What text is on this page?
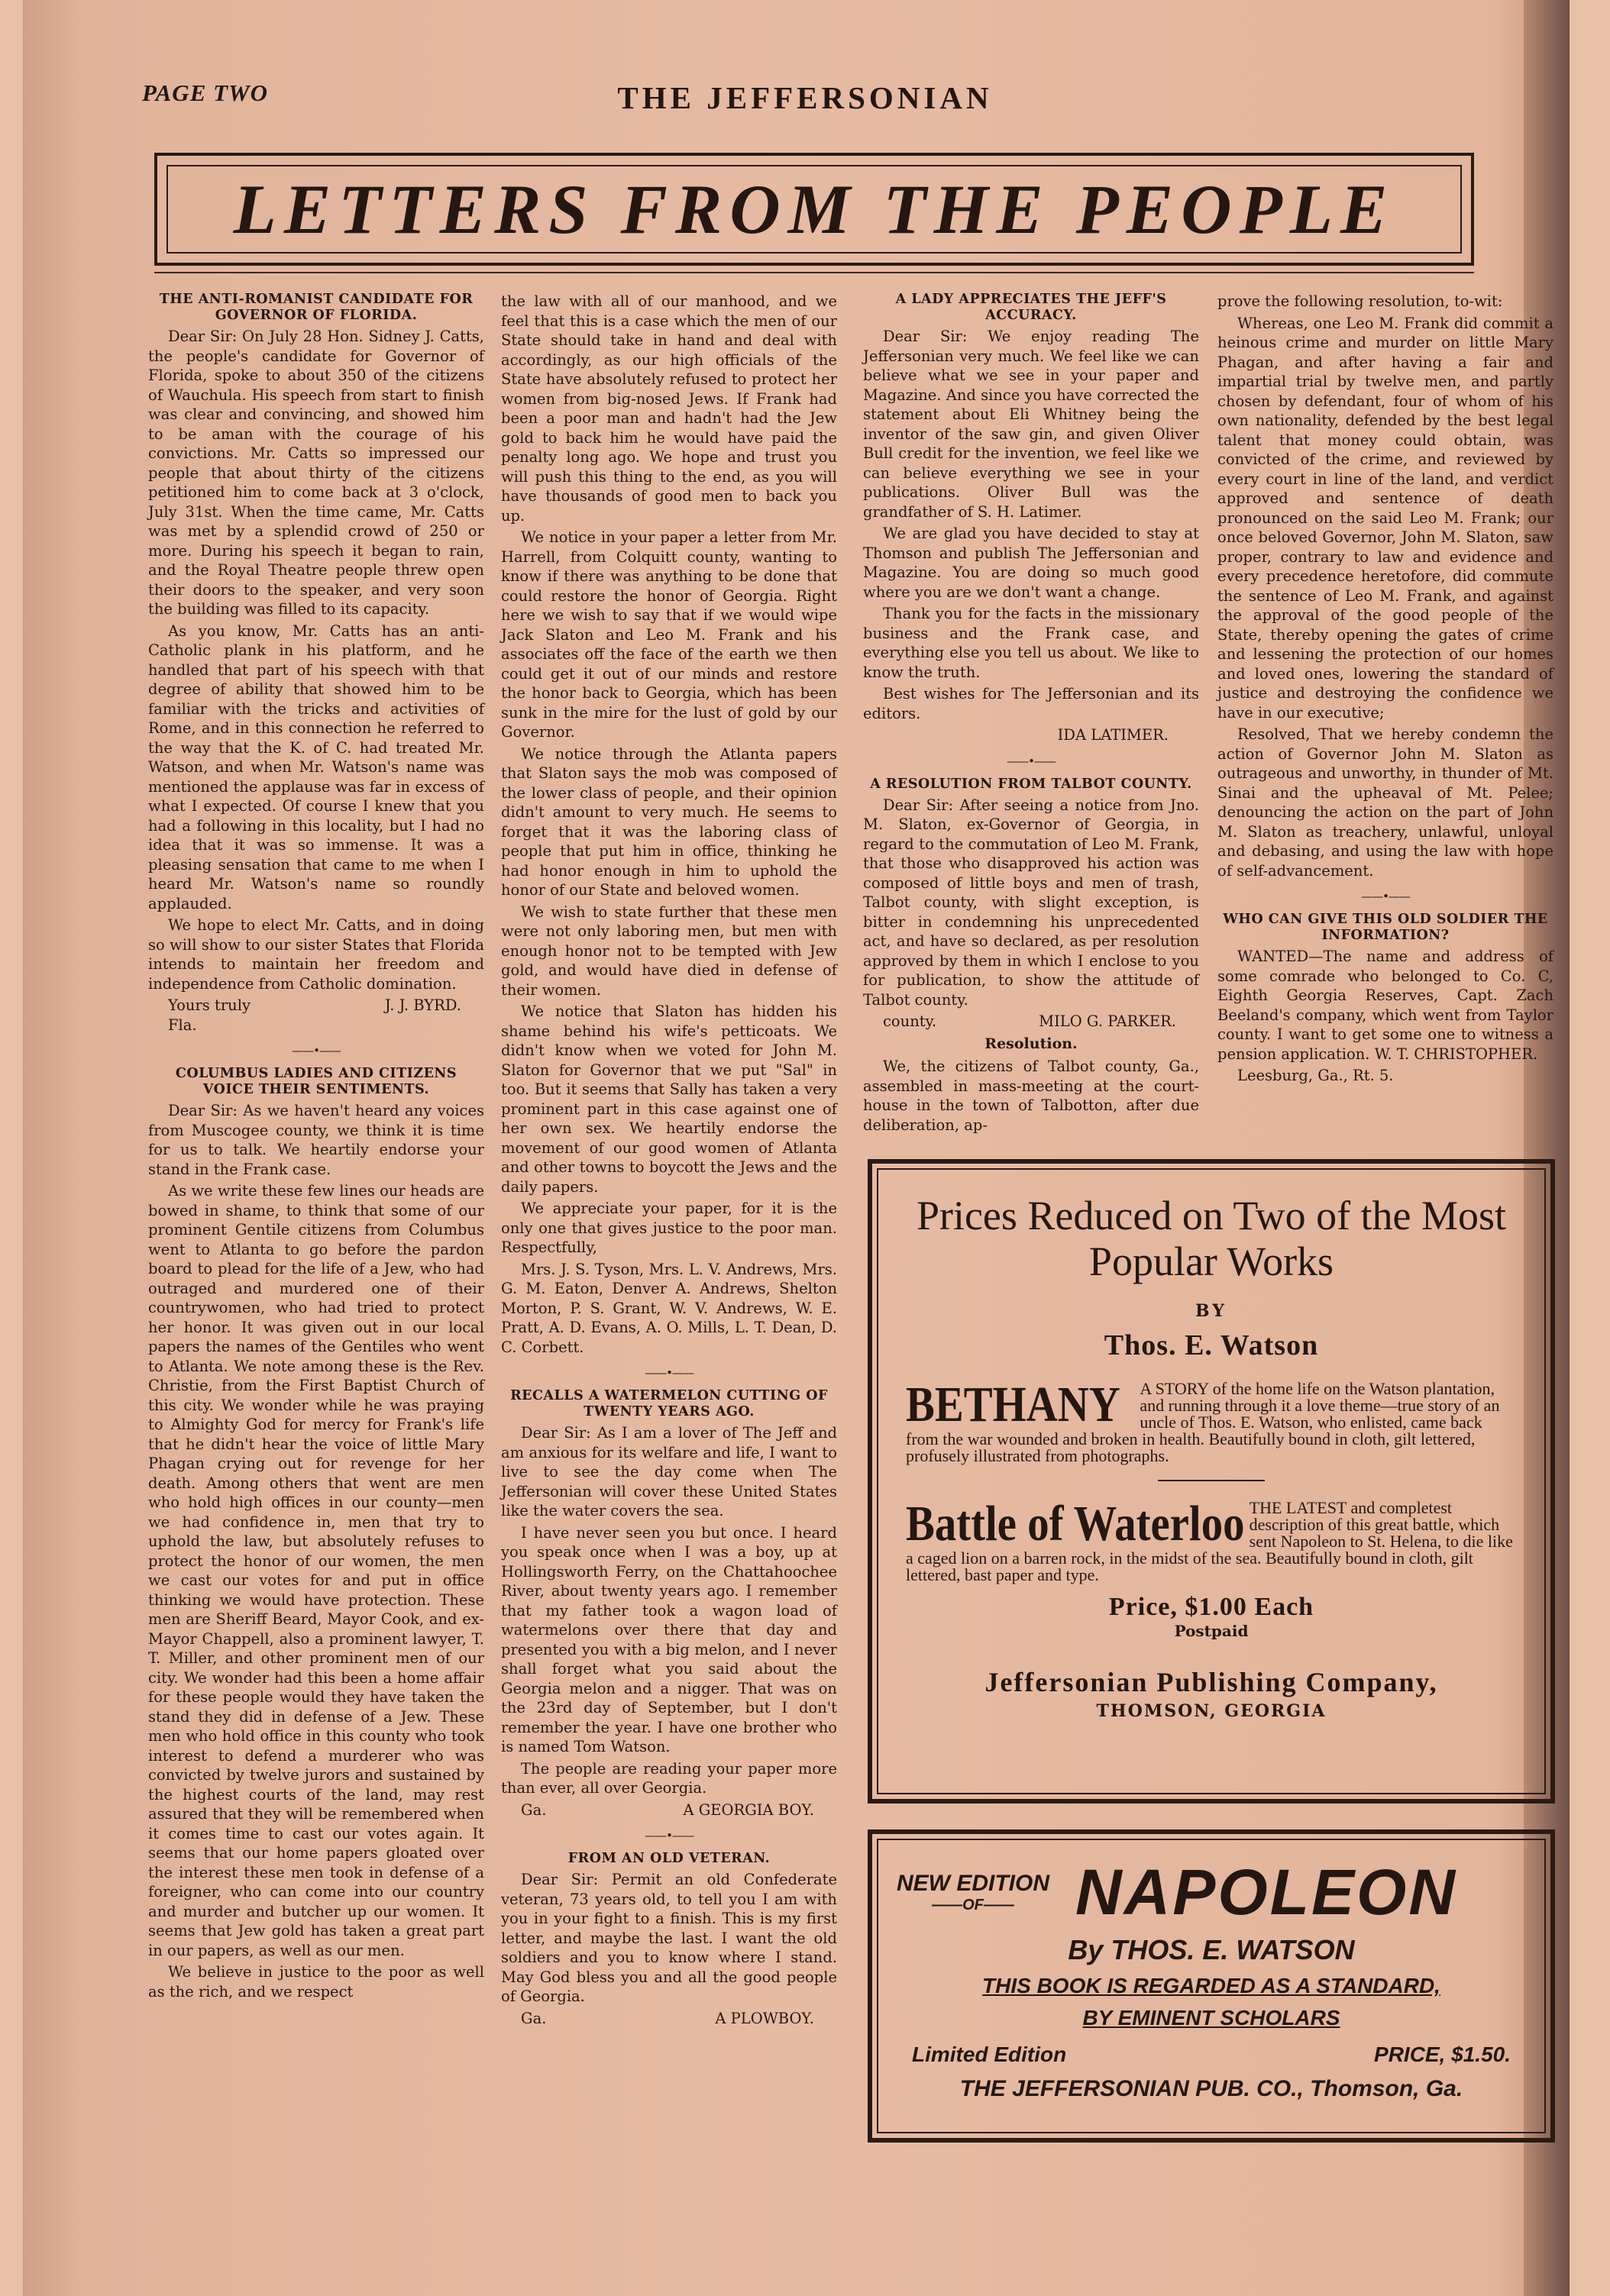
PAGE TWO	THE JEFFERSONIAN
LETTERS FROM THE PEOPLE

THE ANTI-ROMANIST CANDIDATE FOR GOVERNOR OF FLORIDA.

Dear Sir: On July 28 Hon. Sidney J. Catts, the people's candidate for Governor of Florida, spoke to about 350 of the citizens of Wauchula. His speech from start to finish was clear and convincing, and showed him to be aman with the courage of his convictions. Mr. Catts so impressed our people that about thirty of the citizens petitioned him to come back at 3 o'clock, July 31st. When the time came, Mr. Catts was met by a splendid crowd of 250 or more. During his speech it began to rain, and the Royal Theatre people threw open their doors to the speaker, and very soon the building was filled to its capacity.

As you know, Mr. Catts has an anti-Catholic plank in his platform, and he handled that part of his speech with that degree of ability that showed him to be familiar with the tricks and activities of Rome, and in this connection he referred to the way that the K. of C. had treated Mr. Watson, and when Mr. Watson's name was mentioned the applause was far in excess of what I expected. Of course I knew that you had a following in this locality, but I had no idea that it was so immense. It was a pleasing sensation that came to me when I heard Mr. Watson's name so roundly applauded.

We hope to elect Mr. Catts, and in doing so will show to our sister States that Florida intends to maintain her freedom and independence from Catholic domination.

Yours truly	J. J. BYRD.

Fla.

——•——

COLUMBUS LADIES AND CITIZENS VOICE THEIR SENTIMENTS.

Dear Sir: As we haven't heard any voices from Muscogee county, we think it is time for us to talk. We heartily endorse your stand in the Frank case.

As we write these few lines our heads are bowed in shame, to think that some of our prominent Gentile citizens from Columbus went to Atlanta to go before the pardon board to plead for the life of a Jew, who had outraged and murdered one of their countrywomen, who had tried to protect her honor. It was given out in our local papers the names of the Gentiles who went to Atlanta. We note among these is the Rev. Christie, from the First Baptist Church of this city. We wonder while he was praying to Almighty God for mercy for Frank's life that he didn't hear the voice of little Mary Phagan crying out for revenge for her death. Among others that went are men who hold high offices in our county—men we had confidence in, men that try to uphold the law, but absolutely refuses to protect the honor of our women, the men we cast our votes for and put in office thinking we would have protection. These men are Sheriff Beard, Mayor Cook, and ex-Mayor Chappell, also a prominent lawyer, T. T. Miller, and other prominent men of our city. We wonder had this been a home affair for these people would they have taken the stand they did in defense of a Jew. These men who hold office in this county who took interest to defend a murderer who was convicted by twelve jurors and sustained by the highest courts of the land, may rest assured that they will be remembered when it comes time to cast our votes again. It seems that our home papers gloated over the interest these men took in defense of a foreigner, who can come into our country and murder and butcher up our women. It seems that Jew gold has taken a great part in our papers, as well as our men.

We believe in justice to the poor as well as the rich, and we respect

the law with all of our manhood, and we feel that this is a case which the men of our State should take in hand and deal with accordingly, as our high officials of the State have absolutely refused to protect her women from big-nosed Jews. If Frank had been a poor man and hadn't had the Jew gold to back him he would have paid the penalty long ago. We hope and trust you will push this thing to the end, as you will have thousands of good men to back you up.

We notice in your paper a letter from Mr. Harrell, from Colquitt county, wanting to know if there was anything to be done that could restore the honor of Georgia. Right here we wish to say that if we would wipe Jack Slaton and Leo M. Frank and his associates off the face of the earth we then could get it out of our minds and restore the honor back to Georgia, which has been sunk in the mire for the lust of gold by our Governor.

We notice through the Atlanta papers that Slaton says the mob was composed of the lower class of people, and their opinion didn't amount to very much. He seems to forget that it was the laboring class of people that put him in office, thinking he had honor enough in him to uphold the honor of our State and beloved women.

We wish to state further that these men were not only laboring men, but men with enough honor not to be tempted with Jew gold, and would have died in defense of their women.

We notice that Slaton has hidden his shame behind his wife's petticoats. We didn't know when we voted for John M. Slaton for Governor that we put "Sal" in too. But it seems that Sally has taken a very prominent part in this case against one of her own sex. We heartily endorse the movement of our good women of Atlanta and other towns to boycott the Jews and the daily papers.

We appreciate your paper, for it is the only one that gives justice to the poor man. Respectfully,

Mrs. J. S. Tyson, Mrs. L. V. Andrews, Mrs. G. M. Eaton, Denver A. Andrews, Shelton Morton, P. S. Grant, W. V. Andrews, W. E. Pratt, A. D. Evans, A. O. Mills, L. T. Dean, D. C. Corbett.

——•——

RECALLS A WATERMELON CUTTING OF TWENTY YEARS AGO.

Dear Sir: As I am a lover of The Jeff and am anxious for its welfare and life, I want to live to see the day come when The Jeffersonian will cover these United States like the water covers the sea.

I have never seen you but once. I heard you speak once when I was a boy, up at Hollingsworth Ferry, on the Chattahoochee River, about twenty years ago. I remember that my father took a wagon load of watermelons over there that day and presented you with a big melon, and I never shall forget what you said about the Georgia melon and a nigger. That was on the 23rd day of September, but I don't remember the year. I have one brother who is named Tom Watson.

The people are reading your paper more than ever, all over Georgia.

Ga.	A GEORGIA BOY.
——•——

FROM AN OLD VETERAN.

Dear Sir: Permit an old Confederate veteran, 73 years old, to tell you I am with you in your fight to a finish. This is my first letter, and maybe the last. I want the old soldiers and you to know where I stand. May God bless you and all the good people of Georgia.

Ga.	A PLOWBOY.

A LADY APPRECIATES THE JEFF'S ACCURACY.

Dear Sir: We enjoy reading The Jeffersonian very much. We feel like we can believe what we see in your paper and Magazine. And since you have corrected the statement about Eli Whitney being the inventor of the saw gin, and given Oliver Bull credit for the invention, we feel like we can believe everything we see in your publications. Oliver Bull was the grandfather of S. H. Latimer.

We are glad you have decided to stay at Thomson and publish The Jeffersonian and Magazine. You are doing so much good where you are we don't want a change.

Thank you for the facts in the missionary business and the Frank case, and everything else you tell us about. We like to know the truth.

Best wishes for The Jeffersonian and its editors.

IDA LATIMER.

——•——

A RESOLUTION FROM TALBOT COUNTY.

Dear Sir: After seeing a notice from Jno. M. Slaton, ex-Governor of Georgia, in regard to the commutation of Leo M. Frank, that those who disapproved his action was composed of little boys and men of trash, Talbot county, with slight exception, is bitter in condemning his unprecedented act, and have so declared, as per resolution approved by them in which I enclose to you for publication, to show the attitude of Talbot county.

county.	MILO G. PARKER.

Resolution.

We, the citizens of Talbot county, Ga., assembled in mass-meeting at the court-house in the town of Talbotton, after due deliberation, ap-

prove the following resolution, to-wit:

Whereas, one Leo M. Frank did commit a heinous crime and murder on little Mary Phagan, and after having a fair and impartial trial by twelve men, and partly chosen by defendant, four of whom of his own nationality, defended by the best legal talent that money could obtain, was convicted of the crime, and reviewed by every court in line of the land, and verdict approved and sentence of death pronounced on the said Leo M. Frank; our once beloved Governor, John M. Slaton, saw proper, contrary to law and evidence and every precedence heretofore, did commute the sentence of Leo M. Frank, and against the approval of the good people of the State, thereby opening the gates of crime and lessening the protection of our homes and loved ones, lowering the standard of justice and destroying the confidence we have in our executive;

Resolved, That we hereby condemn the action of Governor John M. Slaton as outrageous and unworthy, in thunder of Mt. Sinai and the upheaval of Mt. Pelee; denouncing the action on the part of John M. Slaton as treachery, unlawful, unloyal and debasing, and using the law with hope of self-advancement.

——•——

WHO CAN GIVE THIS OLD SOLDIER THE INFORMATION?

WANTED—The name and address of some comrade who belonged to Co. C, Eighth Georgia Reserves, Capt. Zach Beeland's company, which went from Taylor county. I want to get some one to witness a pension application. W. T. CHRISTOPHER.

Leesburg, Ga., Rt. 5.

Prices Reduced on Two of the Most Popular Works
BY
Thos. E. Watson
BETHANY A STORY of the home life on the Watson plantation, and running through it a love theme—true story of an uncle of Thos. E. Watson, who enlisted, came back from the war wounded and broken in health. Beautifully bound in cloth, gilt lettered, profusely illustrated from photographs.
Battle of Waterloo THE LATEST and completest description of this great battle, which sent Napoleon to St. Helena, to die like a caged lion on a barren rock, in the midst of the sea. Beautifully bound in cloth, gilt lettered, bast paper and type.
Price, $1.00 Each
Postpaid
Jeffersonian Publishing Company,
THOMSON, GEORGIA
NEW EDITION
——OF—— NAPOLEON
By THOS. E. WATSON
THIS BOOK IS REGARDED AS A STANDARD,
BY EMINENT SCHOLARS
Limited Edition	PRICE, $1.50.
THE JEFFERSONIAN PUB. CO., Thomson, Ga.
